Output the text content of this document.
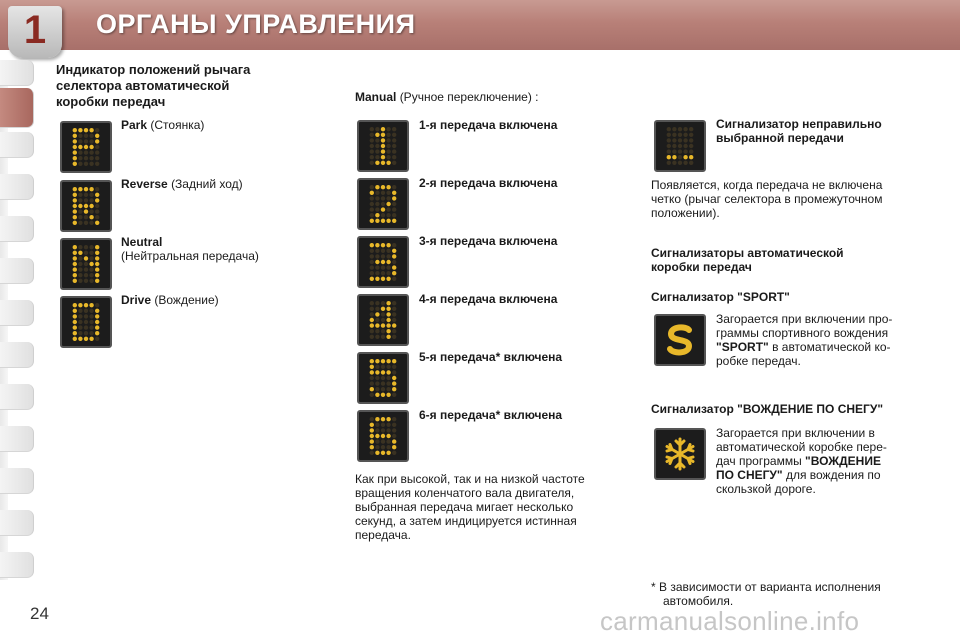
1	ОРГАНЫ УПРАВЛЕНИЯ
Индикатор положений рычага
селектора автоматической
коробки передач
Park (Стоянка)
Reverse (Задний ход)
Neutral
(Нейтральная передача)
Drive (Вождение)
Manual (Ручное переключение) :
1-я передача включена
2-я передача включена
3-я передача включена
4-я передача включена
5-я передача* включена
6-я передача* включена
Как при высокой, так и на низкой частоте
вращения коленчатого вала двигателя,
выбранная передача мигает несколько
секунд, а затем индицируется истинная
передача.
Сигнализатор неправильно
выбранной передачи
Появляется, когда передача не включена
четко (рычаг селектора в промежуточном
положении).
Сигнализаторы автоматической
коробки передач
Сигнализатор "SPORT"
Загорается при включении про-
граммы спортивного вождения
"SPORT" в автоматической ко-
робке передач.
Сигнализатор "ВОЖДЕНИЕ ПО СНЕГУ"
Загорается при включении в
автоматической коробке пере-
дач программы "ВОЖДЕНИЕ
ПО СНЕГУ" для вождения по
скользкой дороге.
* В зависимости от варианта исполнения
автомобиля.
24	carmanualsonline.info
